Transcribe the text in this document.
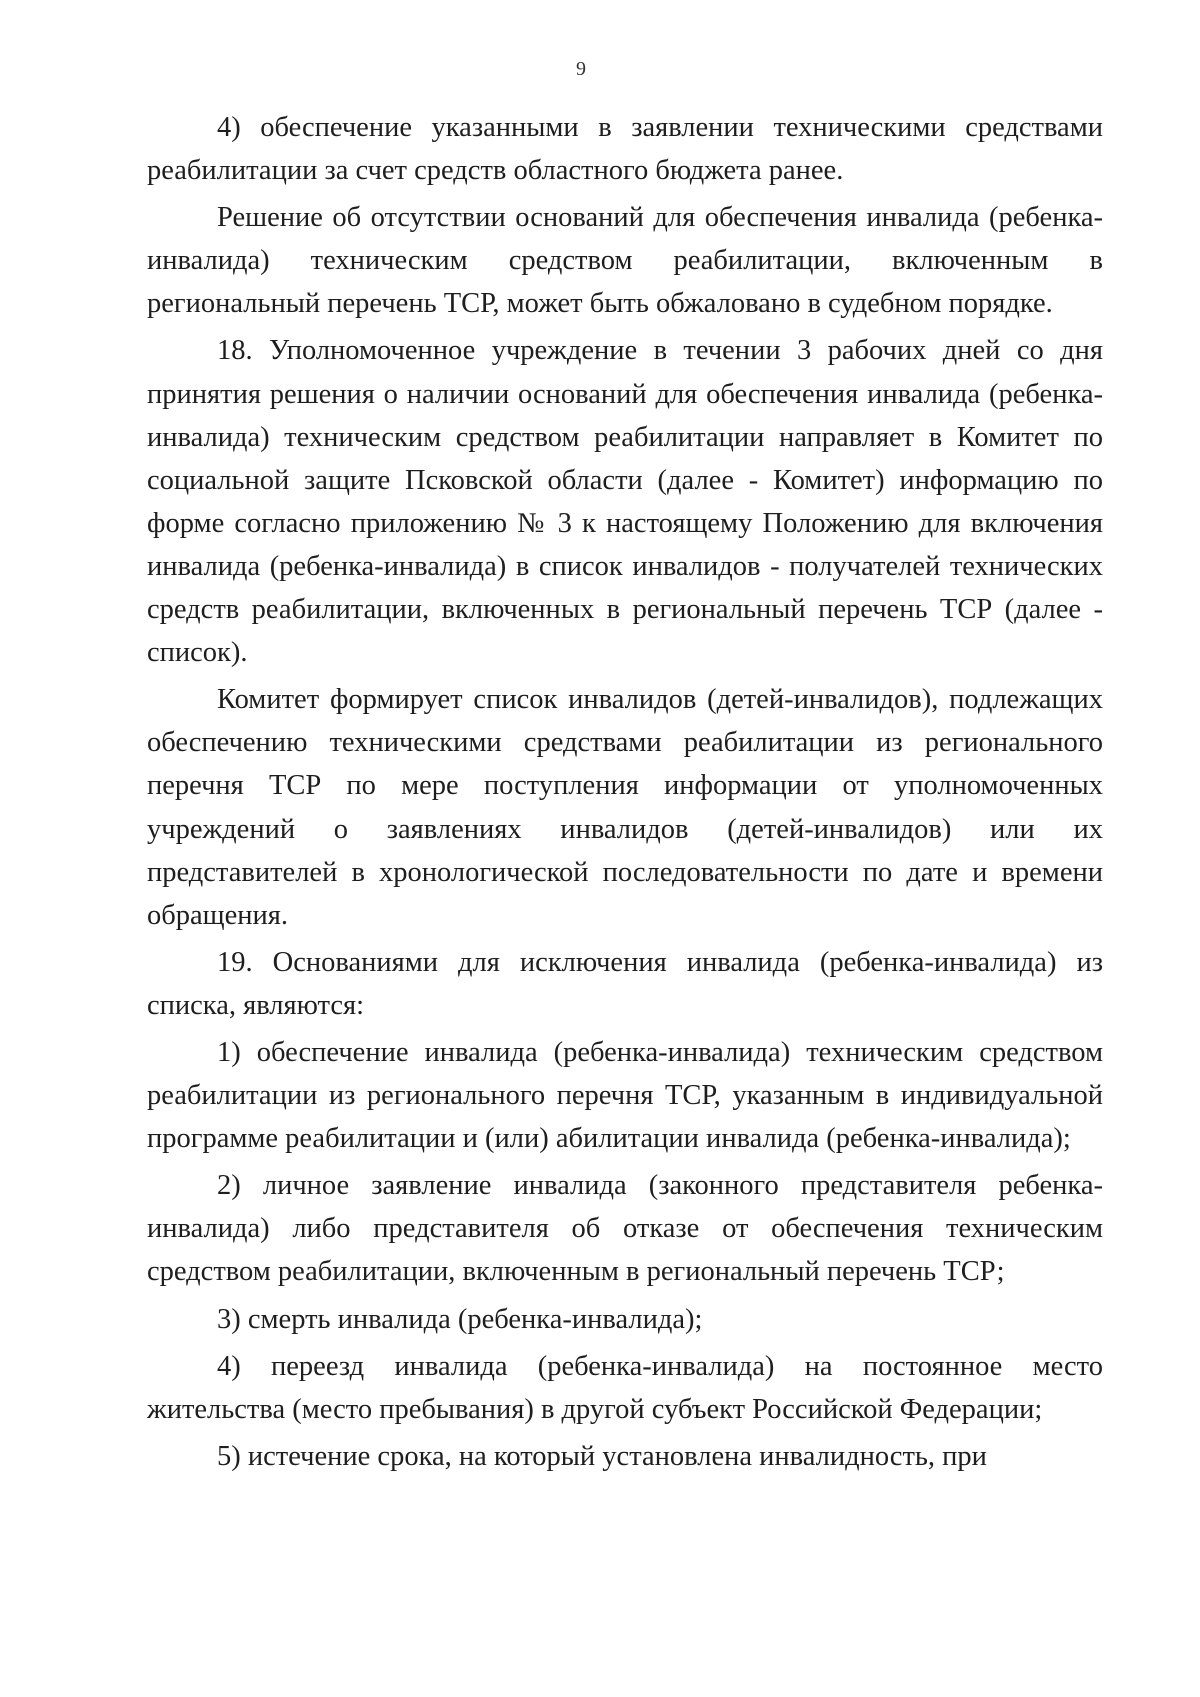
9

4) обеспечение указанными в заявлении техническими средствами реабилитации за счет средств областного бюджета ранее.

Решение об отсутствии оснований для обеспечения инвалида (ребенка-инвалида) техническим средством реабилитации, включенным в региональный перечень ТСР, может быть обжаловано в судебном порядке.

18. Уполномоченное учреждение в течении 3 рабочих дней со дня принятия решения о наличии оснований для обеспечения инвалида (ребенка-инвалида) техническим средством реабилитации направляет в Комитет по социальной защите Псковской области (далее - Комитет) информацию по форме согласно приложению № 3 к настоящему Положению для включения инвалида (ребенка-инвалида) в список инвалидов - получателей технических средств реабилитации, включенных в региональный перечень ТСР (далее - список).

Комитет формирует список инвалидов (детей-инвалидов), подлежащих обеспечению техническими средствами реабилитации из регионального перечня ТСР по мере поступления информации от уполномоченных учреждений о заявлениях инвалидов (детей-инвалидов) или их представителей в хронологической последовательности по дате и времени обращения.

19. Основаниями для исключения инвалида (ребенка-инвалида) из списка, являются:

1) обеспечение инвалида (ребенка-инвалида) техническим средством реабилитации из регионального перечня ТСР, указанным в индивидуальной программе реабилитации и (или) абилитации инвалида (ребенка-инвалида);

2) личное заявление инвалида (законного представителя ребенка-инвалида) либо представителя об отказе от обеспечения техническим средством реабилитации, включенным в региональный перечень ТСР;

3) смерть инвалида (ребенка-инвалида);

4) переезд инвалида (ребенка-инвалида) на постоянное место жительства (место пребывания) в другой субъект Российской Федерации;

5) истечение срока, на который установлена инвалидность, при
